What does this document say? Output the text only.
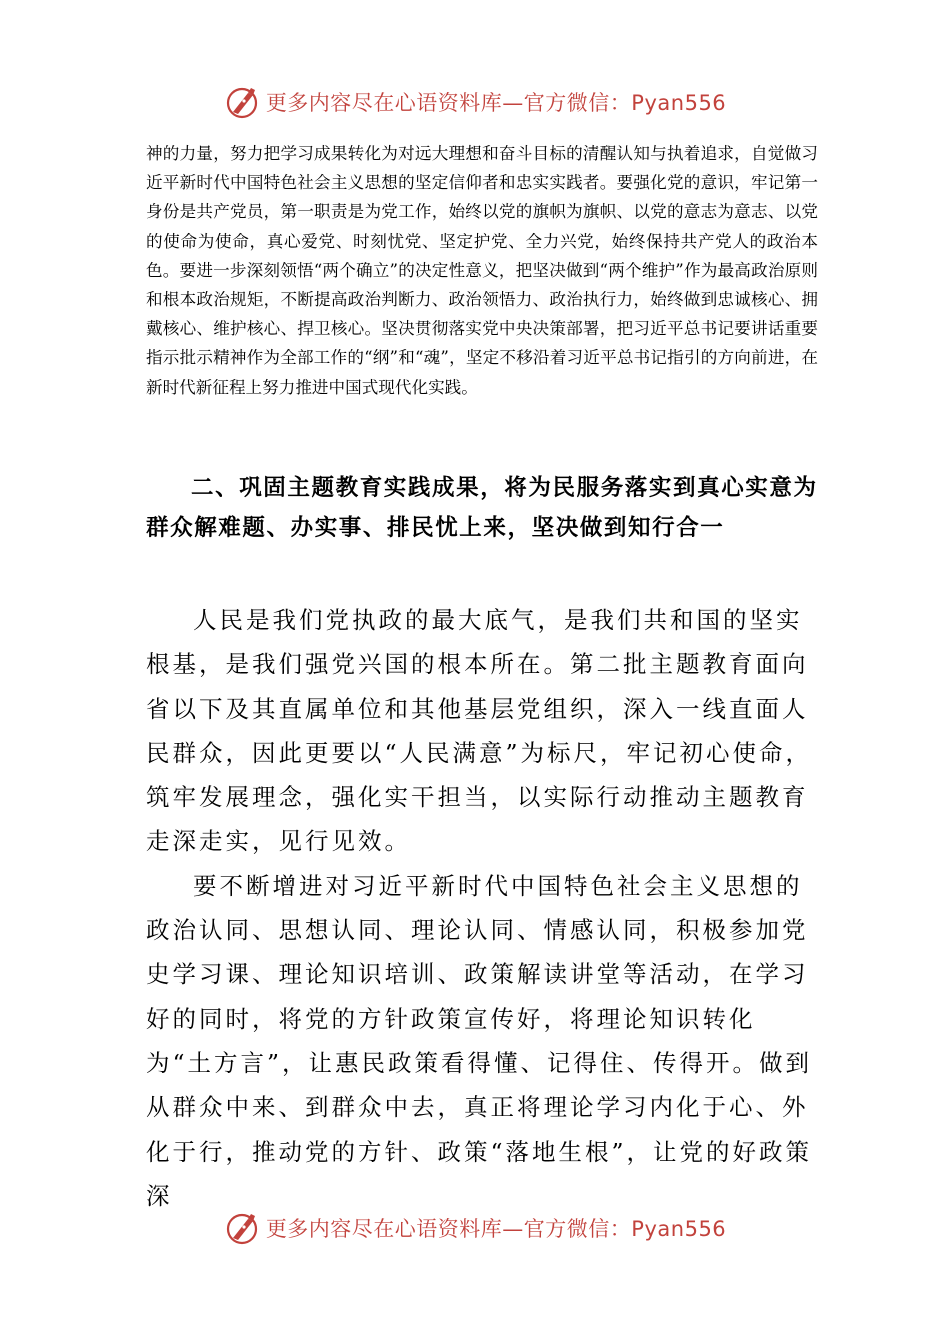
更多内容尽在心语资料库—官方微信：Pyan556

神的力量，努力把学习成果转化为对远大理想和奋斗目标的清醒认知与执着追求，自觉做习近平新时代中国特色社会主义思想的坚定信仰者和忠实实践者。要强化党的意识，牢记第一身份是共产党员，第一职责是为党工作，始终以党的旗帜为旗帜、以党的意志为意志、以党的使命为使命，真心爱党、时刻忧党、坚定护党、全力兴党，始终保持共产党人的政治本色。要进一步深刻领悟“两个确立”的决定性意义，把坚决做到“两个维护”作为最高政治原则和根本政治规矩，不断提高政治判断力、政治领悟力、政治执行力，始终做到忠诚核心、拥戴核心、维护核心、捍卫核心。坚决贯彻落实党中央决策部署，把习近平总书记要讲话重要指示批示精神作为全部工作的“纲”和“魂”，坚定不移沿着习近平总书记指引的方向前进，在新时代新征程上努力推进中国式现代化实践。

二、巩固主题教育实践成果，将为民服务落实到真心实意为群众解难题、办实事、排民忧上来，坚决做到知行合一

人民是我们党执政的最大底气，是我们共和国的坚实根基，是我们强党兴国的根本所在。第二批主题教育面向省以下及其直属单位和其他基层党组织，深入一线直面人民群众，因此更要以“人民满意”为标尺，牢记初心使命，筑牢发展理念，强化实干担当，以实际行动推动主题教育走深走实，见行见效。

要不断增进对习近平新时代中国特色社会主义思想的政治认同、思想认同、理论认同、情感认同，积极参加党史学习课、理论知识培训、政策解读讲堂等活动，在学习好的同时，将党的方针政策宣传好，将理论知识转化为“土方言”，让惠民政策看得懂、记得住、传得开。做到从群众中来、到群众中去，真正将理论学习内化于心、外化于行，推动党的方针、政策“落地生根”，让党的好政策深

更多内容尽在心语资料库—官方微信：Pyan556
